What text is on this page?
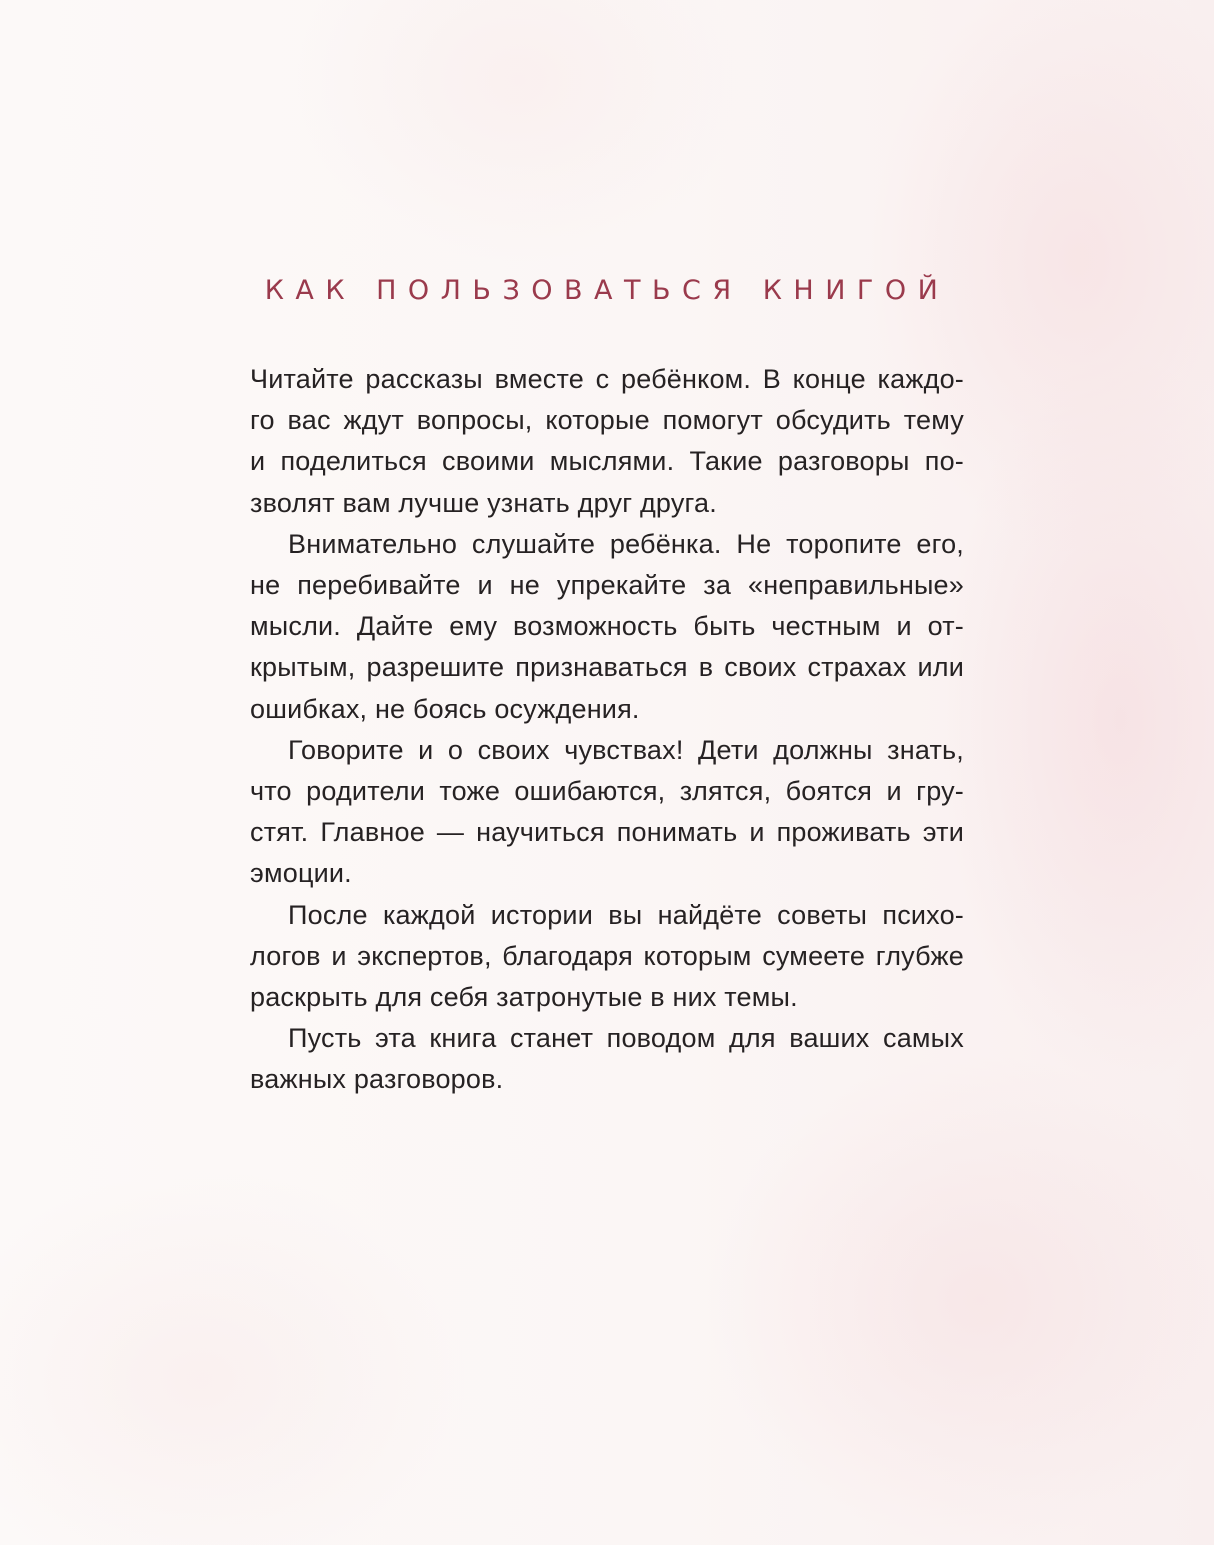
КАК ПОЛЬЗОВАТЬСЯ КНИГОЙ

Читайте рассказы вместе с ребёнком. В конце каждо-
го вас ждут вопросы, которые помогут обсудить тему
и поделиться своими мыслями. Такие разговоры по-
зволят вам лучше узнать друг друга.

Внимательно слушайте ребёнка. Не торопите его,
не перебивайте и не упрекайте за «неправильные»
мысли. Дайте ему возможность быть честным и от-
крытым, разрешите признаваться в своих страхах или
ошибках, не боясь осуждения.

Говорите и о своих чувствах! Дети должны знать,
что родители тоже ошибаются, злятся, боятся и гру-
стят. Главное — научиться понимать и проживать эти
эмоции.

После каждой истории вы найдёте советы психо-
логов и экспертов, благодаря которым сумеете глубже
раскрыть для себя затронутые в них темы.

Пусть эта книга станет поводом для ваших самых
важных разговоров.
